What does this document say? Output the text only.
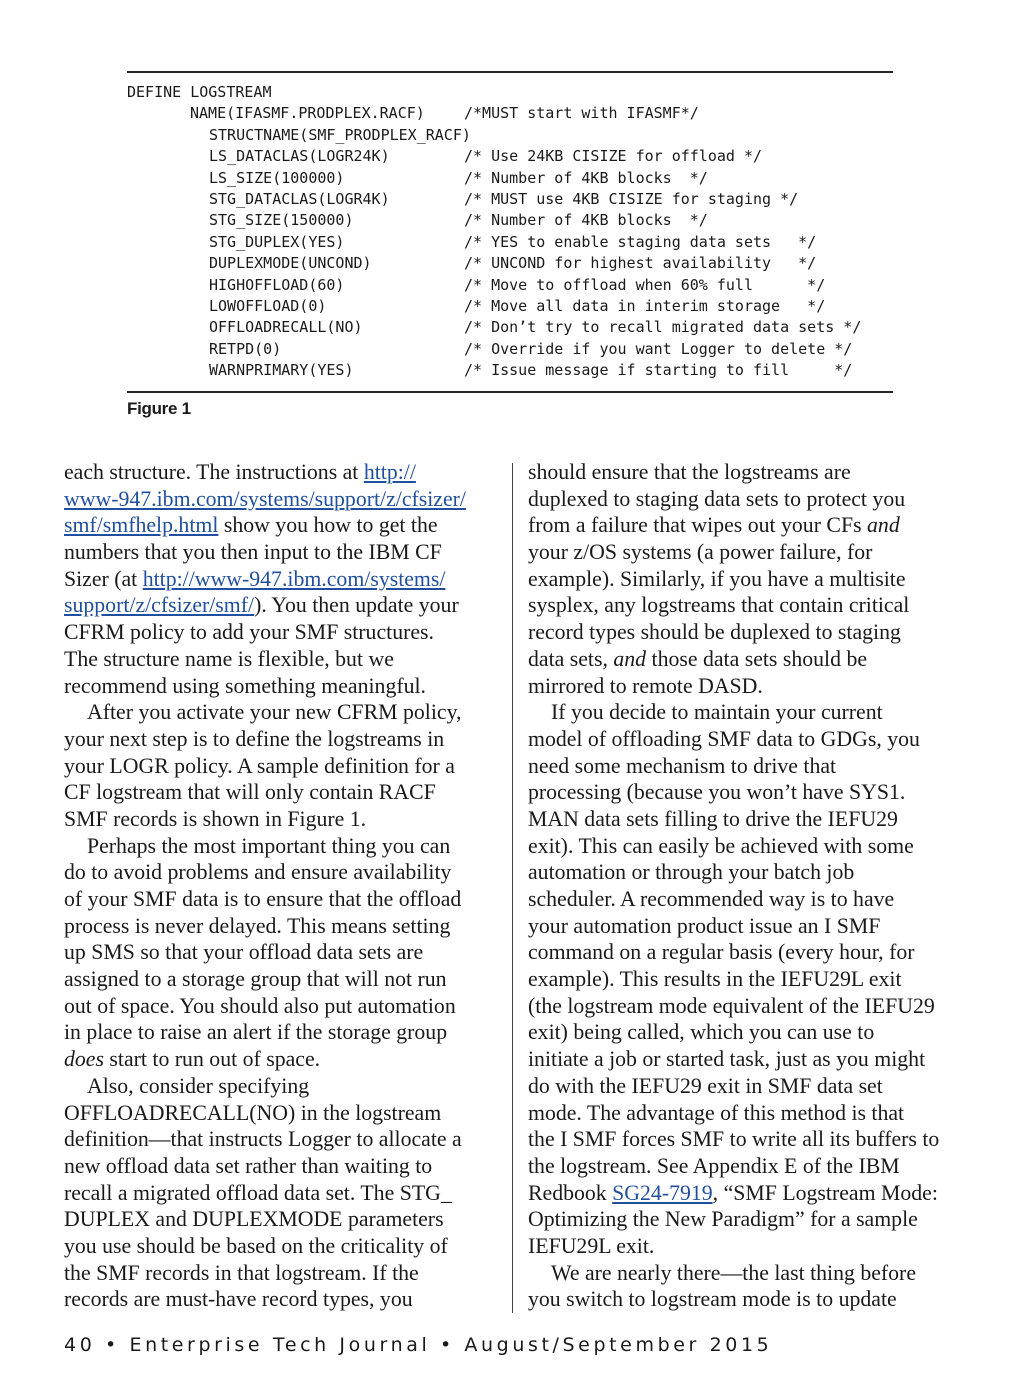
DEFINE LOGSTREAM
NAME(IFASMF.PRODPLEX.RACF)	/*MUST start with IFASMF*/
STRUCTNAME(SMF_PRODPLEX_RACF)
LS_DATACLAS(LOGR24K)	/* Use 24KB CISIZE for offload */
LS_SIZE(100000)	/* Number of 4KB blocks  */
STG_DATACLAS(LOGR4K)	/* MUST use 4KB CISIZE for staging */
STG_SIZE(150000)	/* Number of 4KB blocks  */
STG_DUPLEX(YES)	/* YES to enable staging data sets   */
DUPLEXMODE(UNCOND)	/* UNCOND for highest availability   */
HIGHOFFLOAD(60)	/* Move to offload when 60% full      */
LOWOFFLOAD(0)	/* Move all data in interim storage   */
OFFLOADRECALL(NO)	/* Don’t try to recall migrated data sets */
RETPD(0)	/* Override if you want Logger to delete */
WARNPRIMARY(YES)	/* Issue message if starting to fill     */
Figure 1
each structure. The instructions at http://
www-947.ibm.com/systems/support/z/cfsizer/
smf/smfhelp.html show you how to get the
numbers that you then input to the IBM CF
Sizer (at http://www-947.ibm.com/systems/
support/z/cfsizer/smf/). You then update your
CFRM policy to add your SMF structures.
The structure name is flexible, but we
recommend using something meaningful.
After you activate your new CFRM policy,
your next step is to define the logstreams in
your LOGR policy. A sample definition for a
CF logstream that will only contain RACF
SMF records is shown in Figure 1.
Perhaps the most important thing you can
do to avoid problems and ensure availability
of your SMF data is to ensure that the offload
process is never delayed. This means setting
up SMS so that your offload data sets are
assigned to a storage group that will not run
out of space. You should also put automation
in place to raise an alert if the storage group
does start to run out of space.
Also, consider specifying
OFFLOADRECALL(NO) in the logstream
definition—that instructs Logger to allocate a
new offload data set rather than waiting to
recall a migrated offload data set. The STG_
DUPLEX and DUPLEXMODE parameters
you use should be based on the criticality of
the SMF records in that logstream. If the
records are must-have record types, you
should ensure that the logstreams are
duplexed to staging data sets to protect you
from a failure that wipes out your CFs and
your z/OS systems (a power failure, for
example). Similarly, if you have a multisite
sysplex, any logstreams that contain critical
record types should be duplexed to staging
data sets, and those data sets should be
mirrored to remote DASD.
If you decide to maintain your current
model of offloading SMF data to GDGs, you
need some mechanism to drive that
processing (because you won’t have SYS1.
MAN data sets filling to drive the IEFU29
exit). This can easily be achieved with some
automation or through your batch job
scheduler. A recommended way is to have
your automation product issue an I SMF
command on a regular basis (every hour, for
example). This results in the IEFU29L exit
(the logstream mode equivalent of the IEFU29
exit) being called, which you can use to
initiate a job or started task, just as you might
do with the IEFU29 exit in SMF data set
mode. The advantage of this method is that
the I SMF forces SMF to write all its buffers to
the logstream. See Appendix E of the IBM
Redbook SG24-7919, “SMF Logstream Mode:
Optimizing the New Paradigm” for a sample
IEFU29L exit.
We are nearly there—the last thing before
you switch to logstream mode is to update
40 • Enterprise Tech Journal • August/September 2015
